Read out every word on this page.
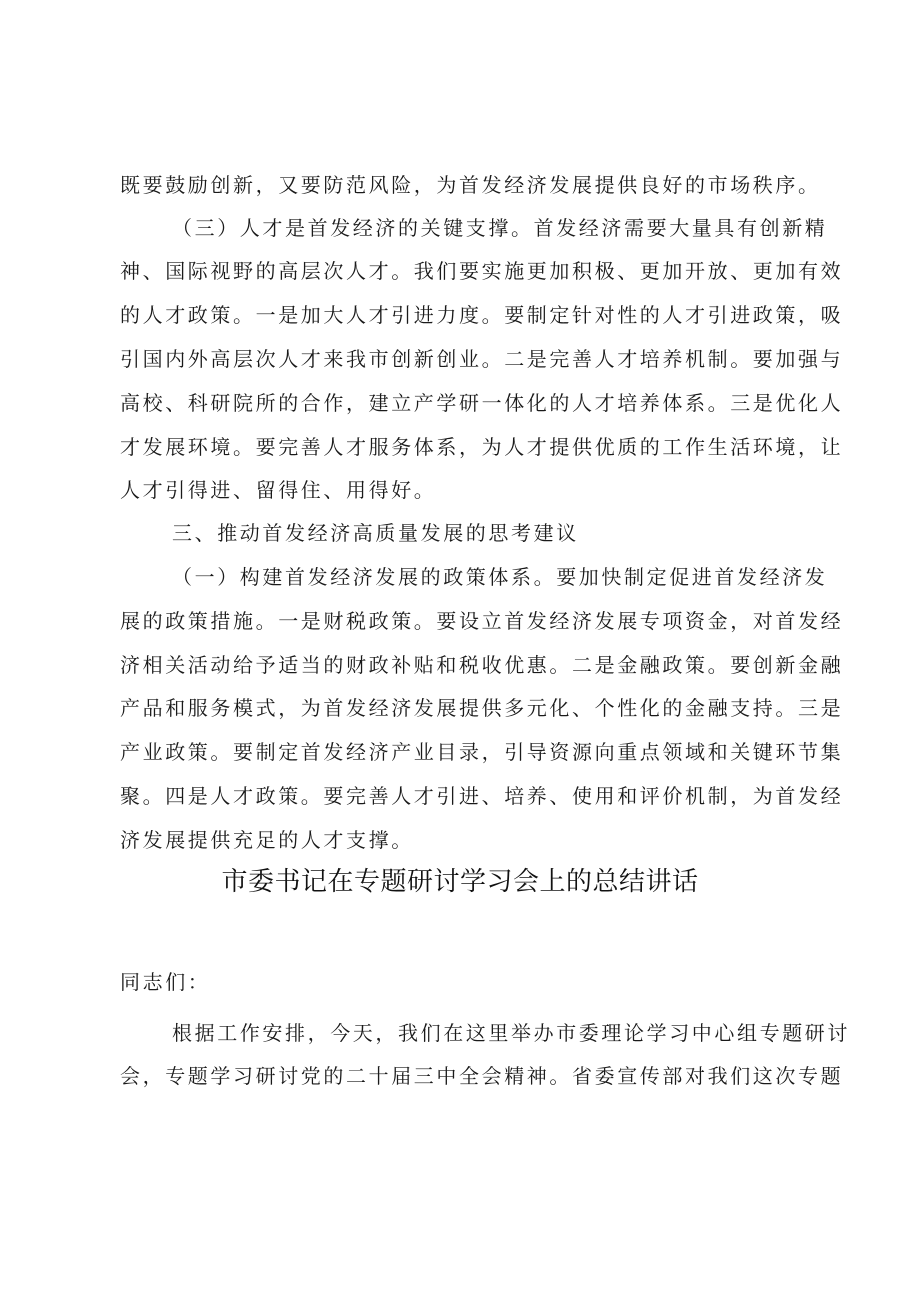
既要鼓励创新，又要防范风险，为首发经济发展提供良好的市场秩序。
（三）人才是首发经济的关键支撑。首发经济需要大量具有创新精
神、国际视野的高层次人才。我们要实施更加积极、更加开放、更加有效
的人才政策。一是加大人才引进力度。要制定针对性的人才引进政策，吸
引国内外高层次人才来我市创新创业。二是完善人才培养机制。要加强与
高校、科研院所的合作，建立产学研一体化的人才培养体系。三是优化人
才发展环境。要完善人才服务体系，为人才提供优质的工作生活环境，让
人才引得进、留得住、用得好。
三、推动首发经济高质量发展的思考建议
（一）构建首发经济发展的政策体系。要加快制定促进首发经济发
展的政策措施。一是财税政策。要设立首发经济发展专项资金，对首发经
济相关活动给予适当的财政补贴和税收优惠。二是金融政策。要创新金融
产品和服务模式，为首发经济发展提供多元化、个性化的金融支持。三是
产业政策。要制定首发经济产业目录，引导资源向重点领域和关键环节集
聚。四是人才政策。要完善人才引进、培养、使用和评价机制，为首发经
济发展提供充足的人才支撑。
市委书记在专题研讨学习会上的总结讲话
同志们：
根据工作安排，今天，我们在这里举办市委理论学习中心组专题研讨
会，专题学习研讨党的二十届三中全会精神。省委宣传部对我们这次专题
